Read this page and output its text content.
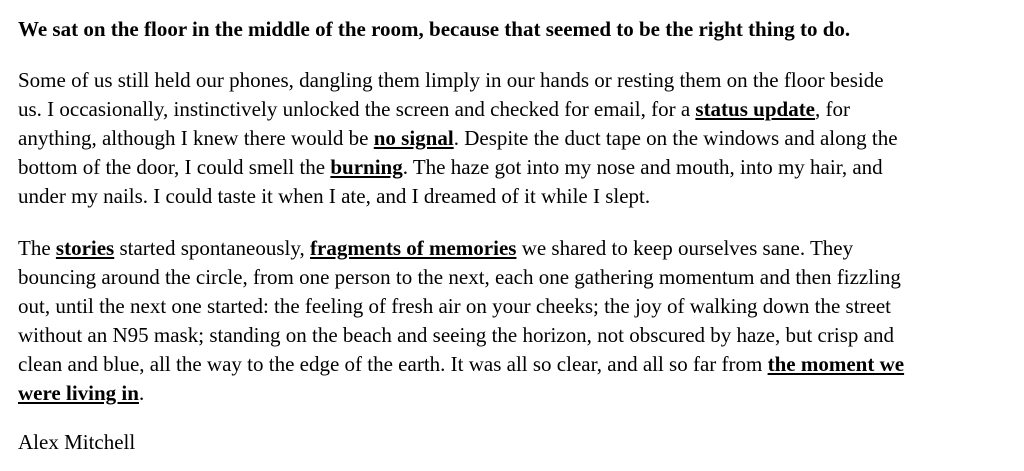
We sat on the floor in the middle of the room, because that seemed to be the right thing to do.

Some of us still held our phones, dangling them limply in our hands or resting them on the floor beside
us. I occasionally, instinctively unlocked the screen and checked for email, for a status update, for
anything, although I knew there would be no signal. Despite the duct tape on the windows and along the
bottom of the door, I could smell the burning. The haze got into my nose and mouth, into my hair, and
under my nails. I could taste it when I ate, and I dreamed of it while I slept.

The stories started spontaneously, fragments of memories we shared to keep ourselves sane. They
bouncing around the circle, from one person to the next, each one gathering momentum and then fizzling
out, until the next one started: the feeling of fresh air on your cheeks; the joy of walking down the street
without an N95 mask; standing on the beach and seeing the horizon, not obscured by haze, but crisp and
clean and blue, all the way to the edge of the earth. It was all so clear, and all so far from the moment we
were living in.

Alex Mitchell
